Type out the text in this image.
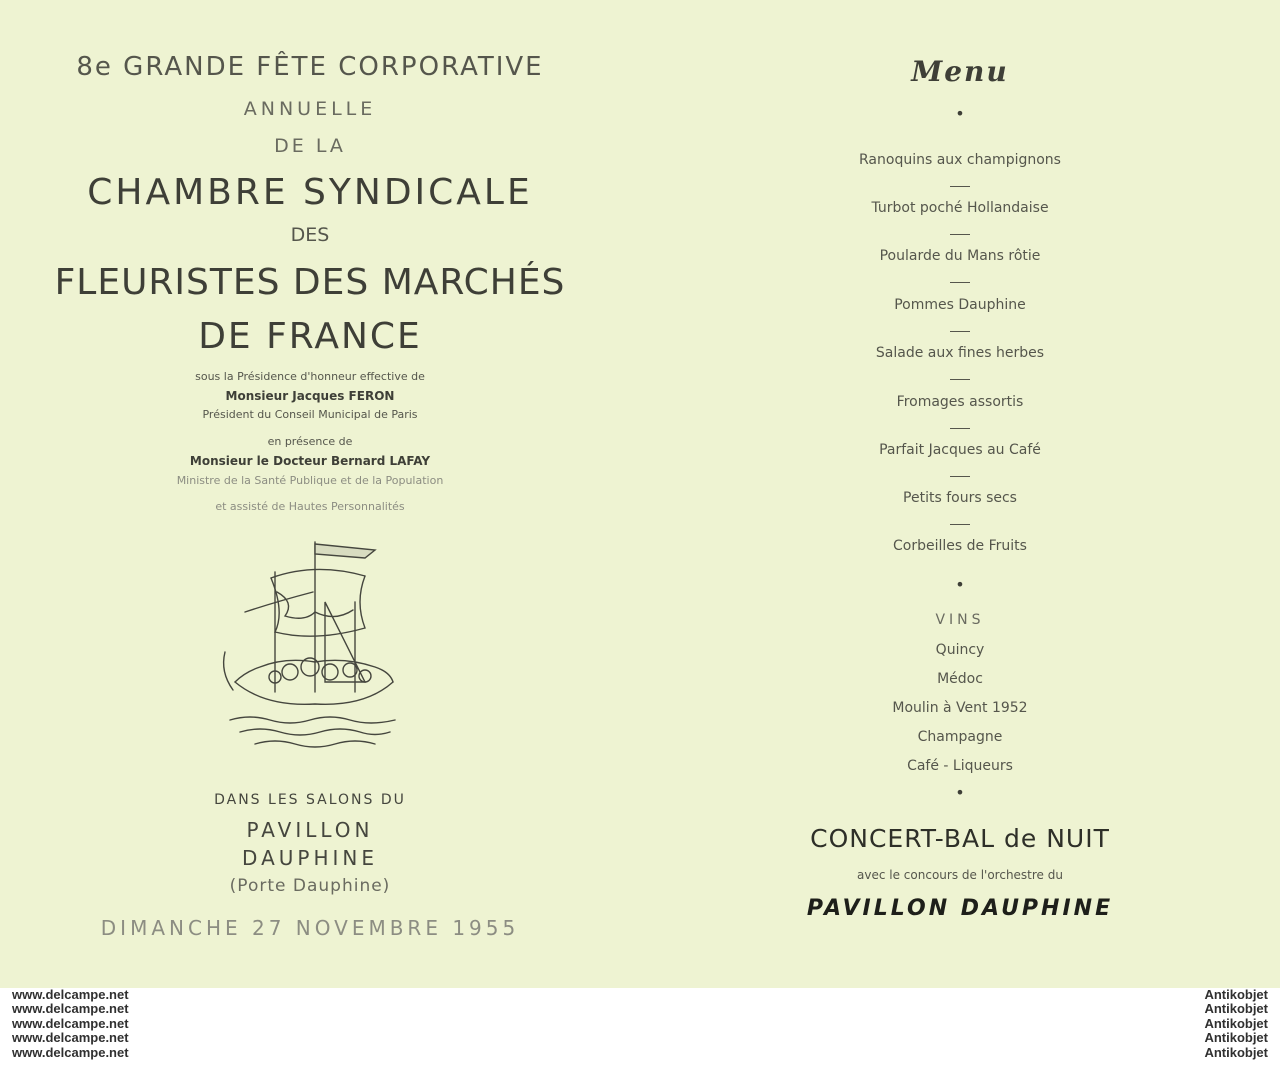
8e GRANDE FÊTE CORPORATIVE
ANNUELLE
DE LA
CHAMBRE SYNDICALE
DES
FLEURISTES DES MARCHÉS
DE FRANCE
sous la Présidence d'honneur effective de
Monsieur Jacques FERON
Président du Conseil Municipal de Paris
en présence de
Monsieur le Docteur Bernard LAFAY
Ministre de la Santé Publique et de la Population
et assisté de Hautes Personnalités
DANS LES SALONS DU
PAVILLON
DAUPHINE
(Porte Dauphine)
DIMANCHE 27 NOVEMBRE 1955
Menu
•
Ranoquins aux champignons
Turbot poché Hollandaise
Poularde du Mans rôtie
Pommes Dauphine
Salade aux fines herbes
Fromages assortis
Parfait Jacques au Café
Petits fours secs
Corbeilles de Fruits
•
VINS
Quincy
Médoc
Moulin à Vent 1952
Champagne
Café - Liqueurs
•
CONCERT-BAL de NUIT
avec le concours de l'orchestre du
PAVILLON DAUPHINE
www.delcampe.net
www.delcampe.net
www.delcampe.net
www.delcampe.net
www.delcampe.net
Antikobjet
Antikobjet
Antikobjet
Antikobjet
Antikobjet
